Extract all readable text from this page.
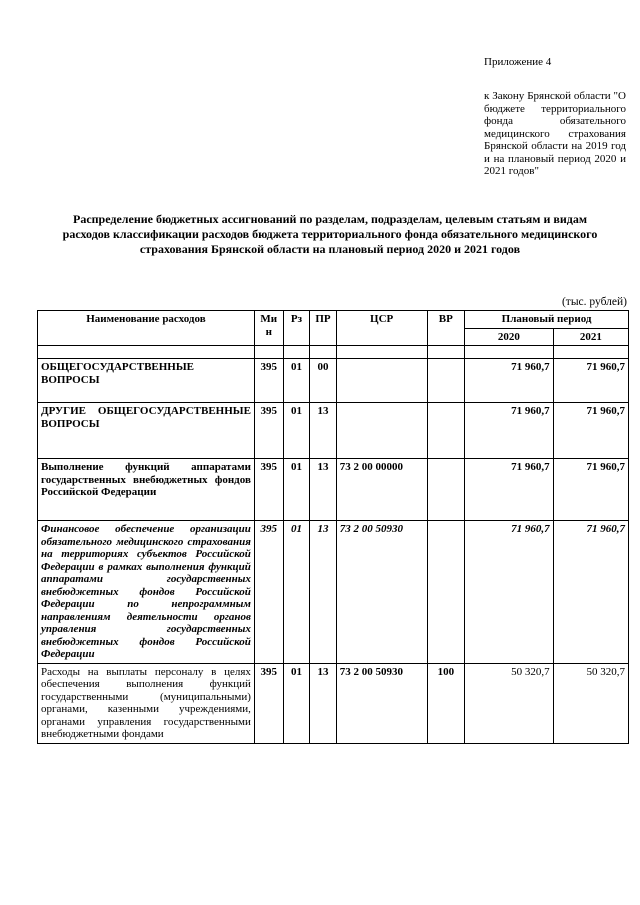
Приложение 4
к Закону Брянской области "О бюджете территориального фонда обязательного медицинского страхования Брянской области на 2019 год и на плановый период 2020 и 2021 годов"
Распределение бюджетных ассигнований по разделам, подразделам, целевым статьям и видам расходов классификации расходов бюджета территориального фонда обязательного медицинского страхования Брянской области на плановый период 2020 и 2021 годов
(тыс. рублей)
Наименование расходов	Ми н	Рз	ПР	ЦСР	ВР	Плановый период	
						2020	2021

ОБЩЕГОСУДАРСТВЕННЫЕ ВОПРОСЫ	395	01	00			71 960,7	71 960,7
ДРУГИЕ ОБЩЕГОСУДАРСТВЕННЫЕ ВОПРОСЫ	395	01	13			71 960,7	71 960,7
Выполнение функций аппаратами государственных внебюджетных фондов Российской Федерации	395	01	13	73 2 00 00000		71 960,7	71 960,7
Финансовое обеспечение организации обязательного медицинского страхования на территориях субъектов Российской Федерации в рамках выполнения функций аппаратами государственных внебюджетных фондов Российской Федерации по непрограммным направлениям деятельности органов управления государственных внебюджетных фондов Российской Федерации	395	01	13	73 2 00 50930		71 960,7	71 960,7
Расходы на выплаты персоналу в целях обеспечения выполнения функций государственными (муниципальными) органами, казенными учреждениями, органами управления государственными внебюджетными фондами	395	01	13	73 2 00 50930	100	50 320,7	50 320,7
